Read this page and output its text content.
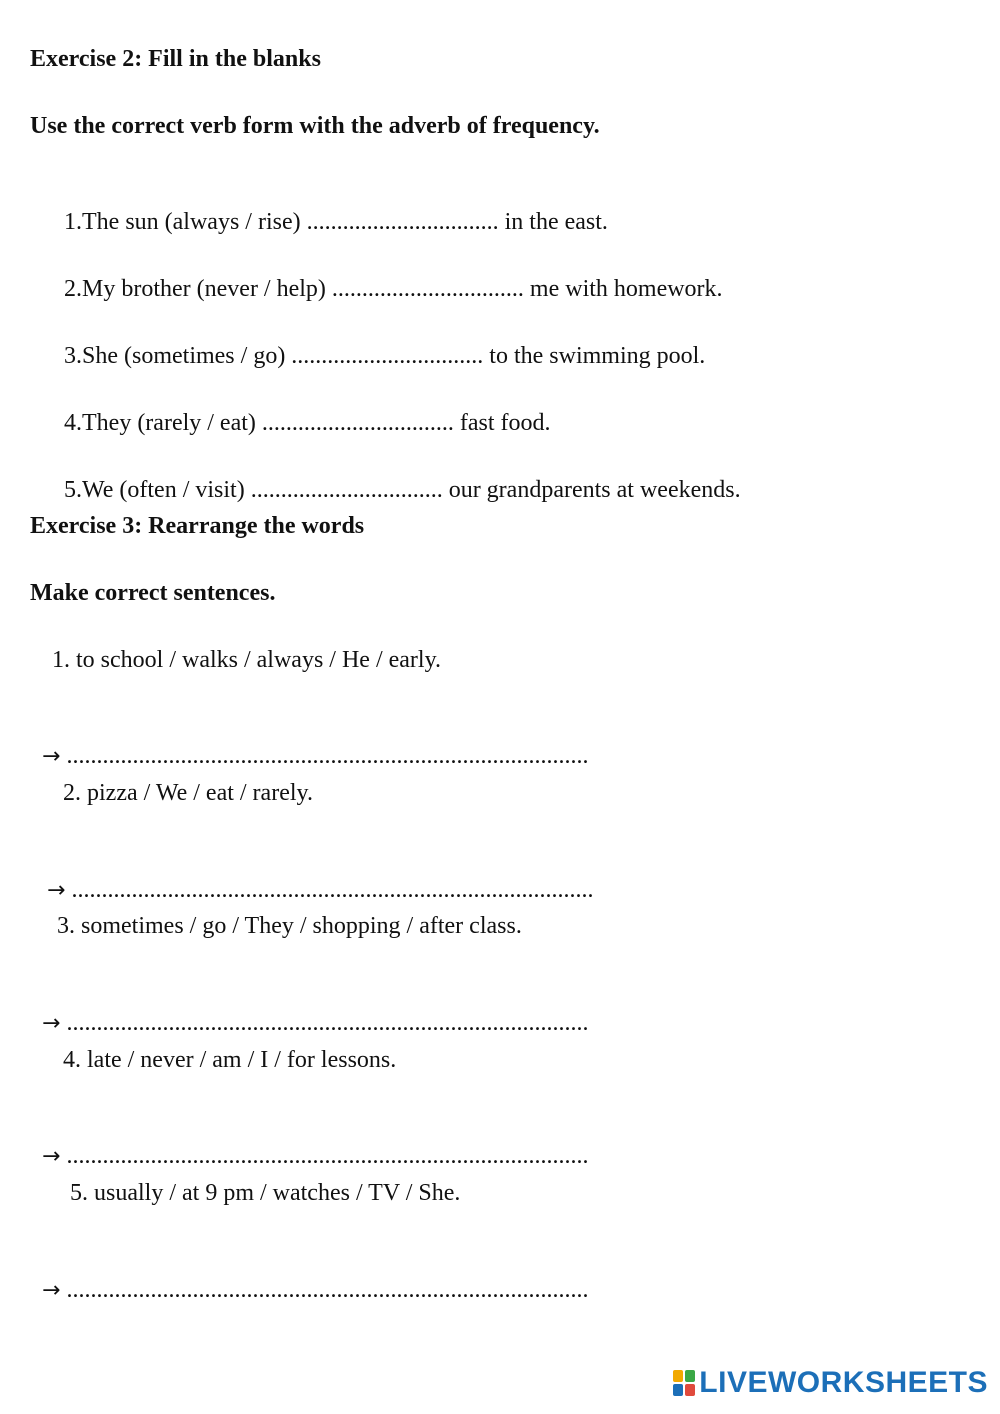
Exercise 2: Fill in the blanks
Use the correct verb form with the adverb of frequency.

1.The sun (always / rise) ................................ in the east.

2.My brother (never / help) ................................ me with homework.

3.She (sometimes / go) ................................ to the swimming pool.

4.They (rarely / eat) ................................ fast food.

5.We (often / visit) ................................ our grandparents at weekends.

Exercise 3: Rearrange the words
Make correct sentences.
1. to school / walks / always / He / early.

→ .......................................................................................

2. pizza / We / eat / rarely.

→ .......................................................................................

3. sometimes / go / They / shopping / after class.

→ .......................................................................................

4. late / never / am / I / for lessons.

→ .......................................................................................

5. usually / at 9 pm / watches / TV / She.

→ .......................................................................................

LIVEWORKSHEETS
